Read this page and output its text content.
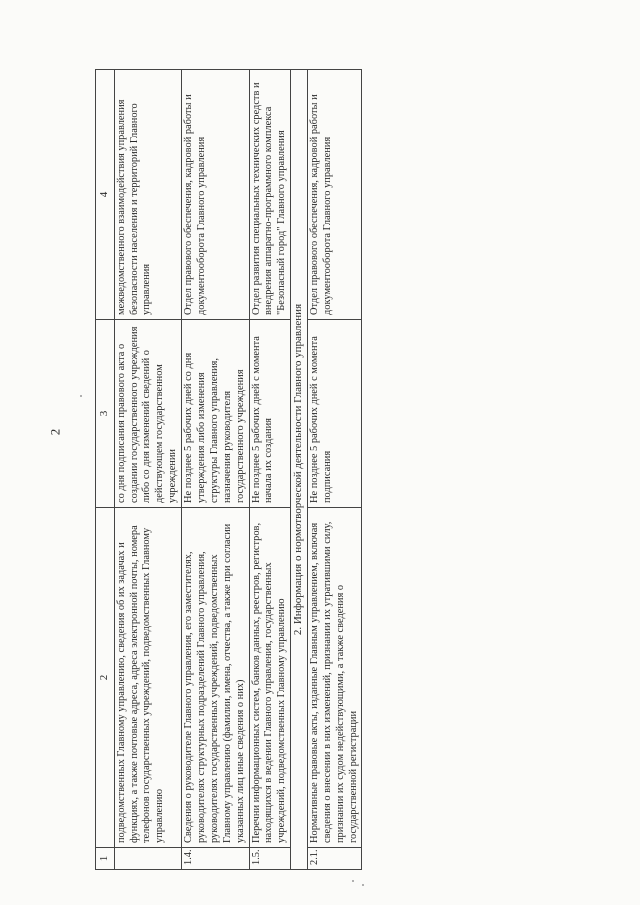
2
1	2	3	4
	подведомственных Главному управлению, сведения об их задачах и функциях, а также почтовые адреса, адреса электронной почты, номера телефонов государственных учреждений, подведомственных Главному управлению	со дня подписания правового акта о создании государственного учреждения либо со дня изменений сведений о действующем государственном учреждении	межведомственного взаимодействия управления безопасности населения и территорий Главного управления
1.4.	Сведения о руководителе Главного управления, его заместителях, руководителях структурных подразделений Главного управления, руководителях государственных учреждений, подведомственных Главному управлению (фамилии, имена, отчества, а также при согласии указанных лиц иные сведения о них)	Не позднее 5 рабочих дней со дня утверждения либо изменения структуры Главного управления, назначения руководителя государственного учреждения	Отдел правового обеспечения, кадровой работы и документооборота Главного управления
1.5.	Перечни информационных систем, банков данных, реестров, регистров, находящихся в ведении Главного управления, государственных учреждений, подведомственных Главному управлению	Не позднее 5 рабочих дней с момента начала их создания	Отдел развития специальных технических средств и внедрения аппаратно-программного комплекса "Безопасный город" Главного управления
2. Информация о нормотворческой деятельности Главного управления			
2.1.	Нормативные правовые акты, изданные Главным управлением, включая сведения о внесении в них изменений, признании их утратившими силу, признании их судом недействующими, а также сведения о государственной регистрации	Не позднее 5 рабочих дней с момента подписания	Отдел правового обеспечения, кадровой работы и документооборота Главного управления
